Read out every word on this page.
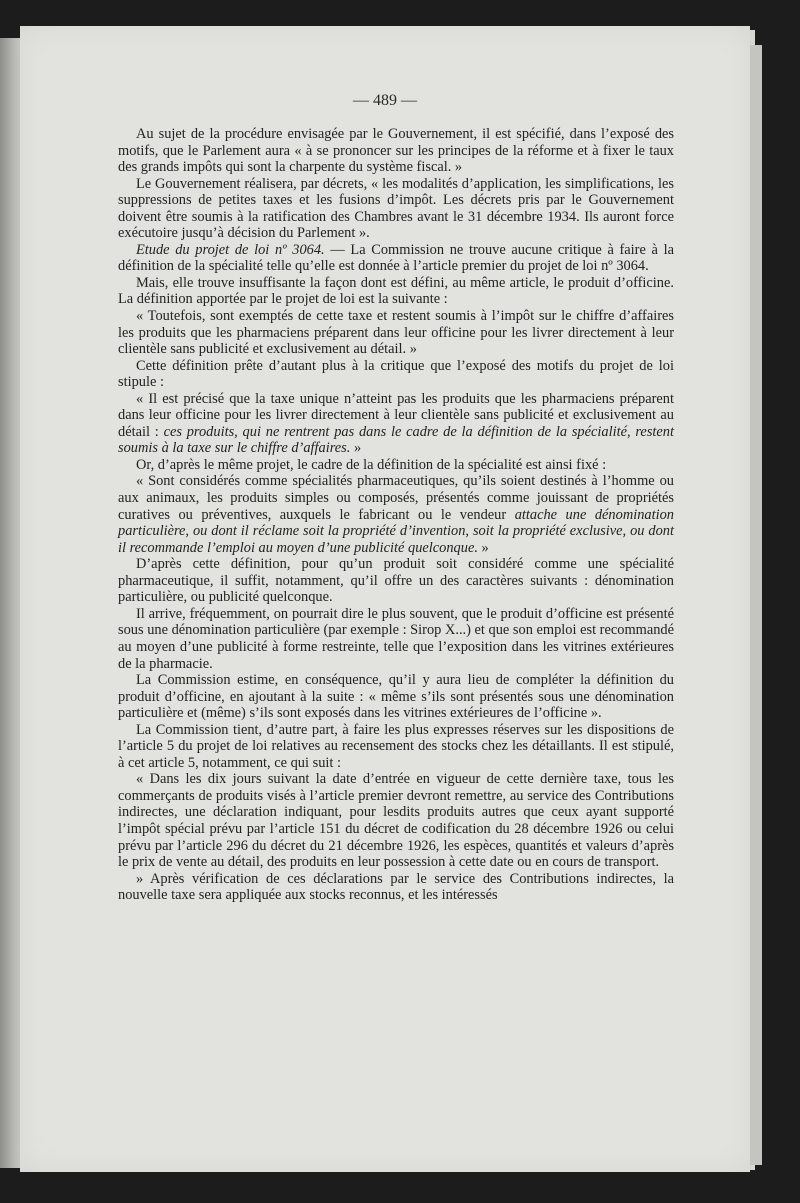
— 489 —

Au sujet de la procédure envisagée par le Gouvernement, il est spécifié, dans l’exposé des motifs, que le Parlement aura « à se prononcer sur les principes de la réforme et à fixer le taux des grands impôts qui sont la charpente du système fiscal. »

Le Gouvernement réalisera, par décrets, « les modalités d’application, les simplifications, les suppressions de petites taxes et les fusions d’impôt. Les décrets pris par le Gouvernement doivent être soumis à la ratification des Chambres avant le 31 décembre 1934. Ils auront force exécutoire jusqu’à décision du Parlement ».

Etude du projet de loi nº 3064. — La Commission ne trouve aucune critique à faire à la définition de la spécialité telle qu’elle est donnée à l’article premier du projet de loi nº 3064.

Mais, elle trouve insuffisante la façon dont est défini, au même article, le produit d’officine. La définition apportée par le projet de loi est la suivante :

« Toutefois, sont exemptés de cette taxe et restent soumis à l’impôt sur le chiffre d’affaires les produits que les pharmaciens préparent dans leur officine pour les livrer directement à leur clientèle sans publicité et exclusivement au détail. »

Cette définition prête d’autant plus à la critique que l’exposé des motifs du projet de loi stipule :

« Il est précisé que la taxe unique n’atteint pas les produits que les pharmaciens préparent dans leur officine pour les livrer directement à leur clientèle sans publicité et exclusivement au détail : ces produits, qui ne rentrent pas dans le cadre de la définition de la spécialité, restent soumis à la taxe sur le chiffre d’affaires. »

Or, d’après le même projet, le cadre de la définition de la spécialité est ainsi fixé :

« Sont considérés comme spécialités pharmaceutiques, qu’ils soient destinés à l’homme ou aux animaux, les produits simples ou composés, présentés comme jouissant de propriétés curatives ou préventives, auxquels le fabricant ou le vendeur attache une dénomination particulière, ou dont il réclame soit la propriété d’invention, soit la propriété exclusive, ou dont il recommande l’emploi au moyen d’une publicité quelconque. »

D’après cette définition, pour qu’un produit soit considéré comme une spécialité pharmaceutique, il suffit, notamment, qu’il offre un des caractères suivants : dénomination particulière, ou publicité quelconque.

Il arrive, fréquemment, on pourrait dire le plus souvent, que le produit d’officine est présenté sous une dénomination particulière (par exemple : Sirop X...) et que son emploi est recommandé au moyen d’une publicité à forme restreinte, telle que l’exposition dans les vitrines extérieures de la pharmacie.

La Commission estime, en conséquence, qu’il y aura lieu de compléter la définition du produit d’officine, en ajoutant à la suite : « même s’ils sont présentés sous une dénomination particulière et (même) s’ils sont exposés dans les vitrines extérieures de l’officine ».

La Commission tient, d’autre part, à faire les plus expresses réserves sur les dispositions de l’article 5 du projet de loi relatives au recensement des stocks chez les détaillants. Il est stipulé, à cet article 5, notamment, ce qui suit :

« Dans les dix jours suivant la date d’entrée en vigueur de cette dernière taxe, tous les commerçants de produits visés à l’article premier devront remettre, au service des Contributions indirectes, une déclaration indiquant, pour lesdits produits autres que ceux ayant supporté l’impôt spécial prévu par l’article 151 du décret de codification du 28 décembre 1926 ou celui prévu par l’article 296 du décret du 21 décembre 1926, les espèces, quantités et valeurs d’après le prix de vente au détail, des produits en leur possession à cette date ou en cours de transport.

» Après vérification de ces déclarations par le service des Contributions indirectes, la nouvelle taxe sera appliquée aux stocks reconnus, et les intéressés
